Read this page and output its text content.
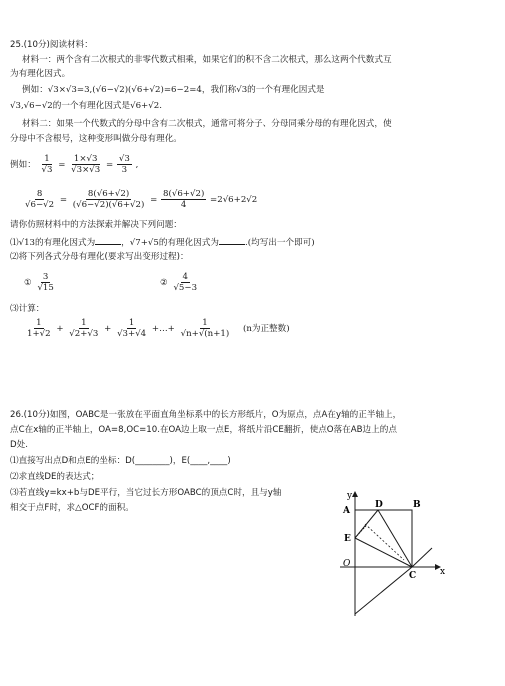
25.(10分)阅读材料：
材料一：两个含有二次根式的非零代数式相乘，如果它们的积不含二次根式，那么这两个代数式互
为有理化因式。
例如：√3×√3=3,(√6−√2)(√6+√2)=6−2=4，我们称√3的一个有理化因式是
√3,√6−√2的一个有理化因式是√6+√2.
材料二：如果一个代数式的分母中含有二次根式，通常可将分子、分母同乘分母的有理化因式，使
分母中不含根号，这种变形叫做分母有理化。
例如： $\frac{1}{√3} = \frac{1\times√3}{√3\times√3} = \frac{√3}{3}$ ,
$\frac{8}{√6-√2} = \frac{8(√6+√2)}{(√6-√2)(√6+√2)} = \frac{8(√6+√2)}{4} =2√6+2√2$
请你仿照材料中的方法探索并解决下列问题：
⑴√13的有理化因式为	，√7+√5的有理化因式为	.(均写出一个即可)
⑵将下列各式分母有理化(要求写出变形过程)：
① $\frac{3}{√15}$	② $\frac{4}{√5-3}$
⑶计算：
$\frac{1}{1+√2} + \frac{1}{√2+√3} + \frac{1}{√3+√4}$ +…+ $\frac{1}{√n+√(n+1)} (n$为正整数)
26.(10分)如图，OABC是一张放在平面直角坐标系中的长方形纸片，O为原点，点A在y轴的正半轴上，
点C在x轴的正半轴上，OA=8,OC=10.在OA边上取一点E，将纸片沿CE翻折，使点O落在AB边上的点
D处.
⑴直接写出点D和点E的坐标：D(________)，E(____,____)
⑵求直线DE的表达式；
⑶若直线y=kx+b与DE平行，当它过长方形OABC的顶点C时，且与y轴
相交于点F时，求△OCF的面积。
y
x
A
D	B
E
O
C
